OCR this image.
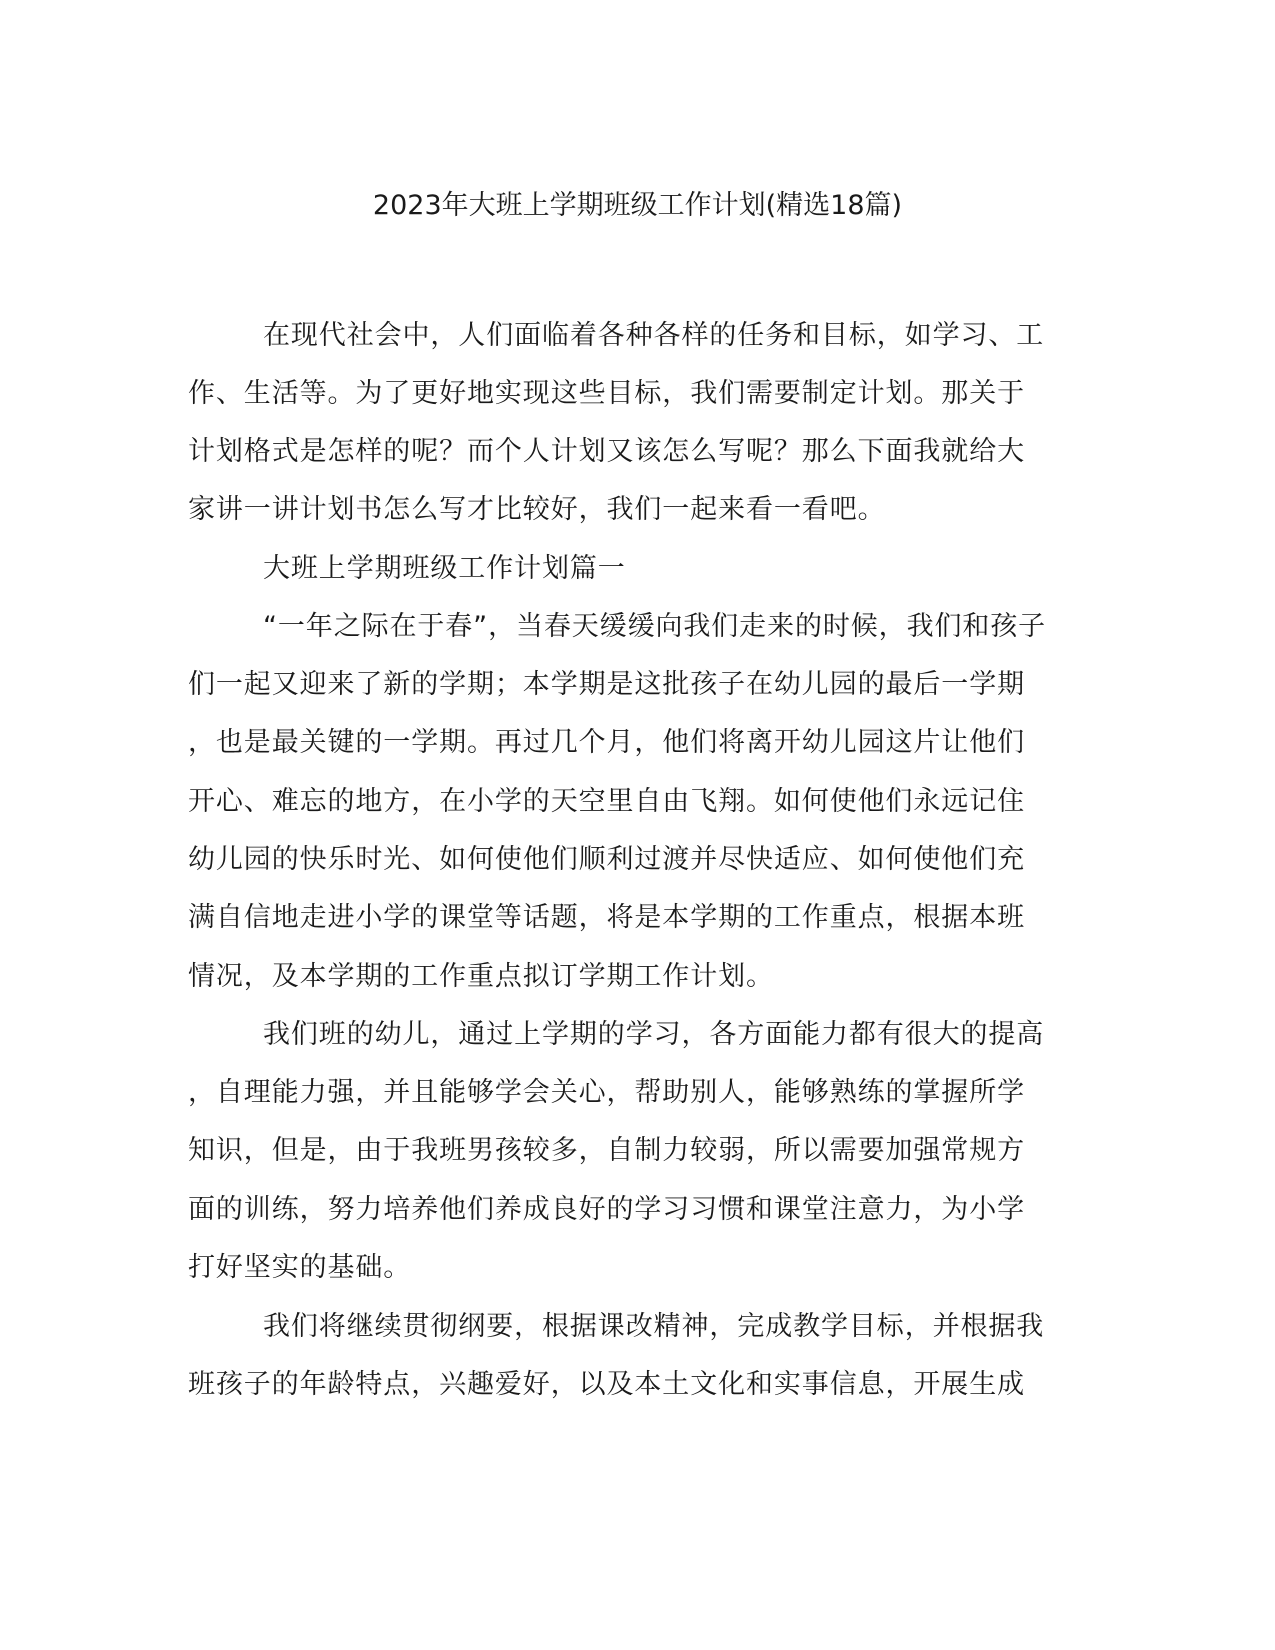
2023年大班上学期班级工作计划(精选18篇)
在现代社会中，人们面临着各种各样的任务和目标，如学习、工
作、生活等。为了更好地实现这些目标，我们需要制定计划。那关于
计划格式是怎样的呢？而个人计划又该怎么写呢？那么下面我就给大
家讲一讲计划书怎么写才比较好，我们一起来看一看吧。
大班上学期班级工作计划篇一
“一年之际在于春”，当春天缓缓向我们走来的时候，我们和孩子
们一起又迎来了新的学期；本学期是这批孩子在幼儿园的最后一学期
，也是最关键的一学期。再过几个月，他们将离开幼儿园这片让他们
开心、难忘的地方，在小学的天空里自由飞翔。如何使他们永远记住
幼儿园的快乐时光、如何使他们顺利过渡并尽快适应、如何使他们充
满自信地走进小学的课堂等话题，将是本学期的工作重点，根据本班
情况，及本学期的工作重点拟订学期工作计划。
我们班的幼儿，通过上学期的学习，各方面能力都有很大的提高
，自理能力强，并且能够学会关心，帮助别人，能够熟练的掌握所学
知识，但是，由于我班男孩较多，自制力较弱，所以需要加强常规方
面的训练，努力培养他们养成良好的学习习惯和课堂注意力，为小学
打好坚实的基础。
我们将继续贯彻纲要，根据课改精神，完成教学目标，并根据我
班孩子的年龄特点，兴趣爱好，以及本土文化和实事信息，开展生成
